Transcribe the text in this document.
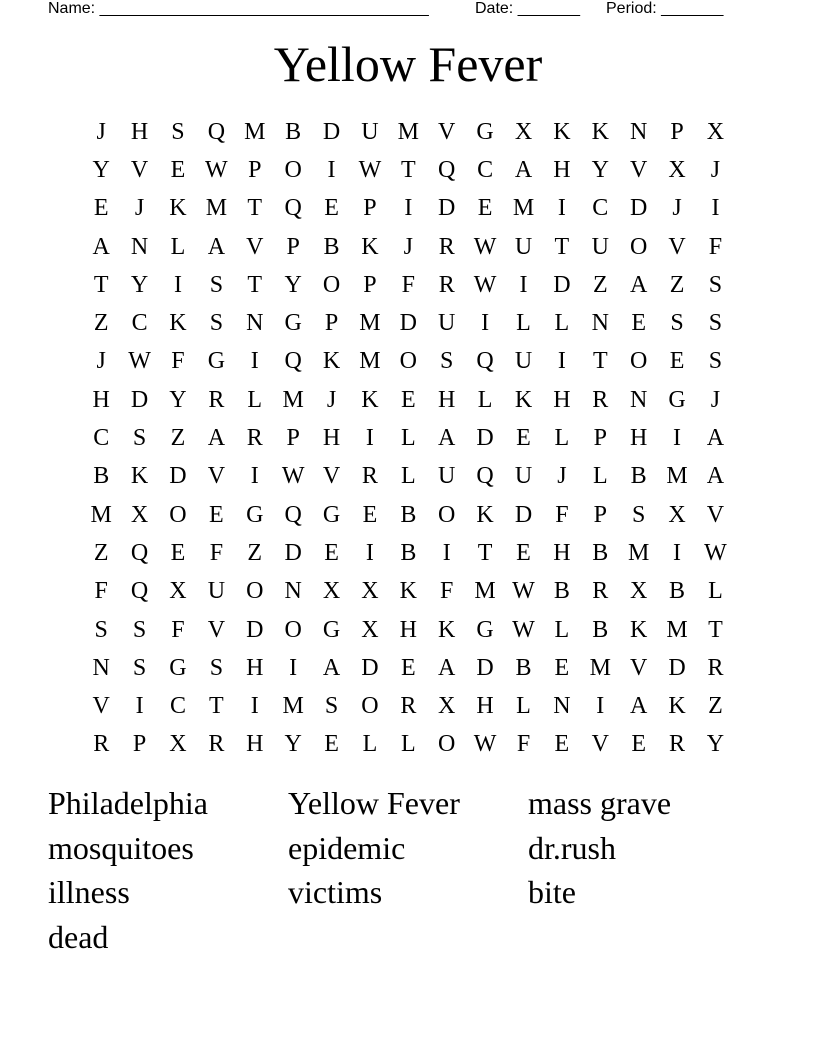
Name: _____________________________________	Date: _______ Period: _______
Yellow Fever
J	H S Q M B D U M V G X K K N P X
Y V E W P O	I W T Q C A H Y V X	J
E	J	K M T Q E	P	I	D E M I	C D	J	I
A N L A V P B K	J	R W U T U O V F
T Y	I	S	T Y O P	F R W I	D Z A Z	S
Z C K S N G P M D U	I	L L N E	S	S
J W F G	I	Q K M O S Q U	I	T O E	S
H D Y R L M J	K E H L K H R N G	J
C S	Z A R P H	I	L A D E L	P H	I	A
B K D V	I W V R L U Q U	J	L B M A
M X O E G Q G E B O K D F	P	S X V
Z Q E	F	Z D E	I	B	I	T E H B M I W
F Q X U O N X X K F M W B R X B L
S	S	F V D O G X H K G W L B K M T
N S G S H	I	A D E A D B E M V D R
V	I	C T	I M S O R X H L N	I	A K Z
R P X R H Y E L L O W F	E V E R Y
Philadelphia	Yellow Fever	mass grave
mosquitoes	epidemic	dr.rush
illness	victims	bite
dead
